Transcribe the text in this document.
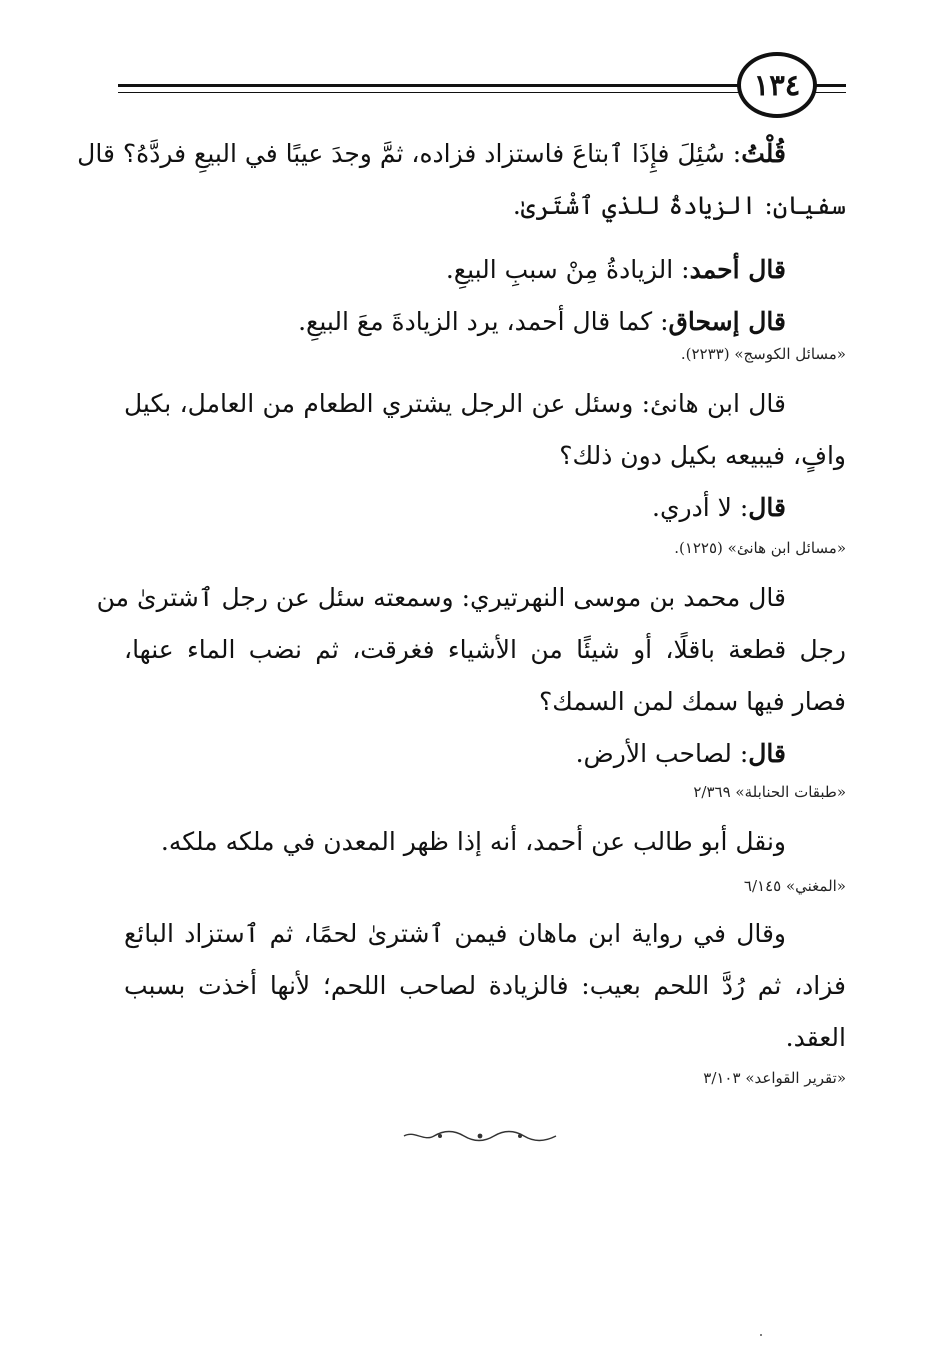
١٣٤
قُلْتُ: سُئِلَ فإِذَا ٱبتاعَ فاستزاد فزاده، ثمَّ وجدَ عيبًا في البيعِ فردَّهُ؟ قال
سفيان: الزيادةُ للذي ٱشْتَرىٰ.
قال أحمد: الزيادةُ مِنْ سببِ البيعِ.
قال إسحاق: كما قال أحمد، يرد الزيادةَ معَ البيعِ.
«مسائل الكوسج» (٢٢٣٣).
قال ابن هانئ: وسئل عن الرجل يشتري الطعام من العامل، بكيل
وافٍ، فيبيعه بكيل دون ذلك؟
قال: لا أدري.
«مسائل ابن هانئ» (١٢٢٥).
قال محمد بن موسى النهرتيري: وسمعته سئل عن رجل ٱشترىٰ من
رجل قطعة باقلًا، أو شيئًا من الأشياء فغرقت، ثم نضب الماء عنها،
فصار فيها سمك لمن السمك؟
قال: لصاحب الأرض.
«طبقات الحنابلة» ٢/٣٦٩
ونقل أبو طالب عن أحمد، أنه إذا ظهر المعدن في ملكه ملكه.
«المغني» ٦/١٤٥
وقال في رواية ابن ماهان فيمن ٱشترىٰ لحمًا، ثم ٱستزاد البائع
فزاد، ثم رُدَّ اللحم بعيب: فالزيادة لصاحب اللحم؛ لأنها أخذت بسبب
العقد.
«تقرير القواعد» ٣/١٠٣
